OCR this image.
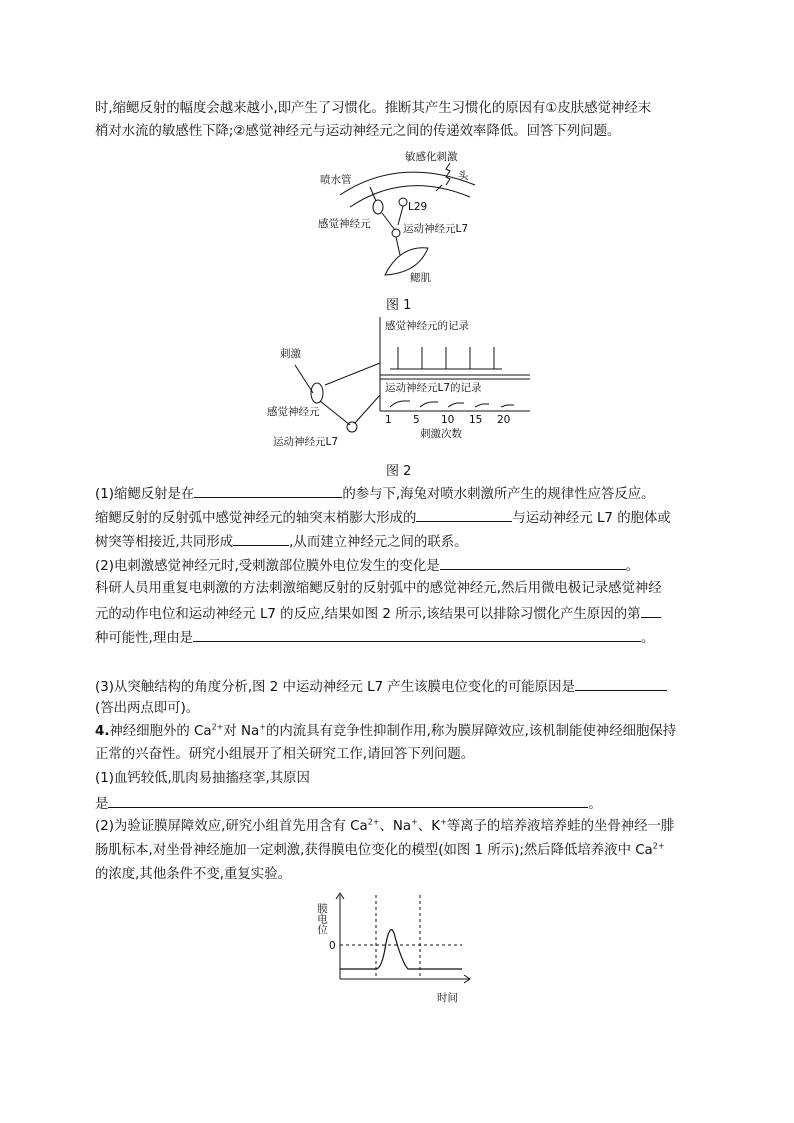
时,缩鳃反射的幅度会越来越小,即产生了习惯化。推断其产生习惯化的原因有①皮肤感觉神经末
梢对水流的敏感性下降;②感觉神经元与运动神经元之间的传递效率降低。回答下列问题。
敏感化刺激
喷水管	头
L29
感觉神经元	运动神经元L7
鳃肌
图 1
刺激
感觉神经元
运动神经元L7
感觉神经元的记录
运动神经元L7的记录
1 5 10 15 20
刺激次数
图 2
(1)缩鳃反射是在	的参与下,海兔对喷水刺激所产生的规律性应答反应。
缩鳃反射的反射弧中感觉神经元的轴突末梢膨大形成的	与运动神经元 L7 的胞体或
树突等相接近,共同形成	,从而建立神经元之间的联系。
(2)电刺激感觉神经元时,受刺激部位膜外电位发生的变化是	。
科研人员用重复电刺激的方法刺激缩鳃反射的反射弧中的感觉神经元,然后用微电极记录感觉神经
元的动作电位和运动神经元 L7 的反应,结果如图 2 所示,该结果可以排除习惯化产生原因的第
种可能性,理由是	。
(3)从突触结构的角度分析,图 2 中运动神经元 L7 产生该膜电位变化的可能原因是
(答出两点即可)。
4.神经细胞外的 $Ca^{2+}$对 Na+的内流具有竞争性抑制作用,称为膜屏障效应,该机制能使神经细胞保持
正常的兴奋性。研究小组展开了相关研究工作,请回答下列问题。
(1)血钙较低,肌肉易抽搐痉挛,其原因
是	。
(2)为验证膜屏障效应,研究小组首先用含有 $Ca^{2+}$、Na+、K+等离子的培养液培养蛙的坐骨神经一腓
肠肌标本,对坐骨神经施加一定刺激,获得膜电位变化的模型(如图 1 所示);然后降低培养液中 $Ca^{2+}$
的浓度,其他条件不变,重复实验。
膜电位
0
时间
